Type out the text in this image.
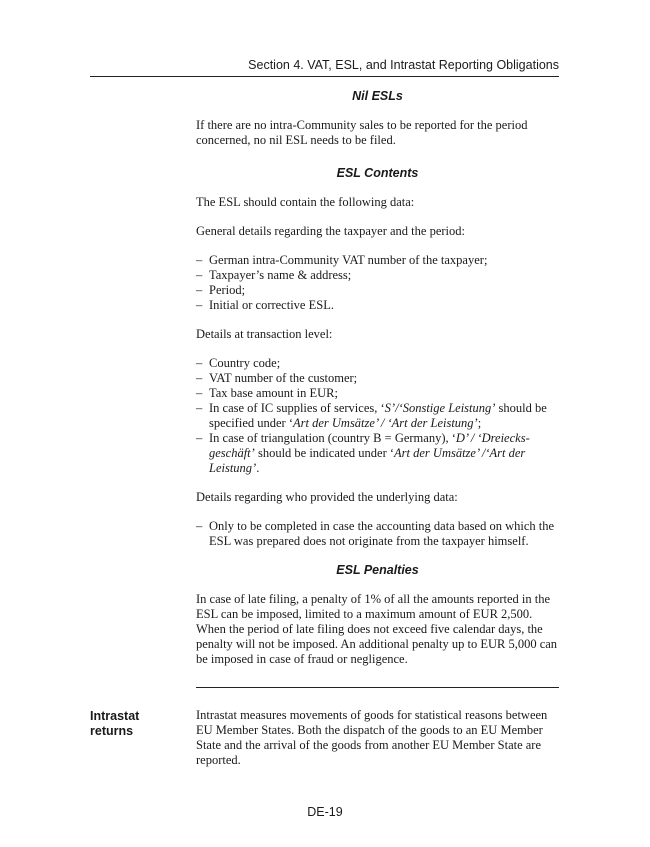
Section 4. VAT, ESL, and Intrastat Reporting Obligations
Nil ESLs

If there are no intra-Community sales to be reported for the period concerned, no nil ESL needs to be filed.

ESL Contents

The ESL should contain the following data:

General details regarding the taxpayer and the period:

– German intra-Community VAT number of the taxpayer;
– Taxpayer’s name & address;
– Period;
– Initial or corrective ESL.

Details at transaction level:

– Country code;
– VAT number of the customer;
– Tax base amount in EUR;
– In case of IC supplies of services, ‘S’/‘Sonstige Leistung’ should be specified under ‘Art der Umsätze’ / ‘Art der Leistung’;
– In case of triangulation (country B = Germany), ‘D’ / ‘Dreiecksgeschäft’ should be indicated under ‘Art der Umsätze’ /‘Art der Leistung’.

Details regarding who provided the underlying data:

– Only to be completed in case the accounting data based on which the ESL was prepared does not originate from the taxpayer himself.
ESL Penalties

In case of late filing, a penalty of 1% of all the amounts reported in the ESL can be imposed, limited to a maximum amount of EUR 2,500. When the period of late filing does not exceed five calendar days, the penalty will not be imposed. An additional penalty up to EUR 5,000 can be imposed in case of fraud or negligence.

Intrastat measures movements of goods for statistical reasons between EU Member States. Both the dispatch of the goods to an EU Member State and the arrival of the goods from another EU Member State are reported.

Intrastat returns
DE-19
